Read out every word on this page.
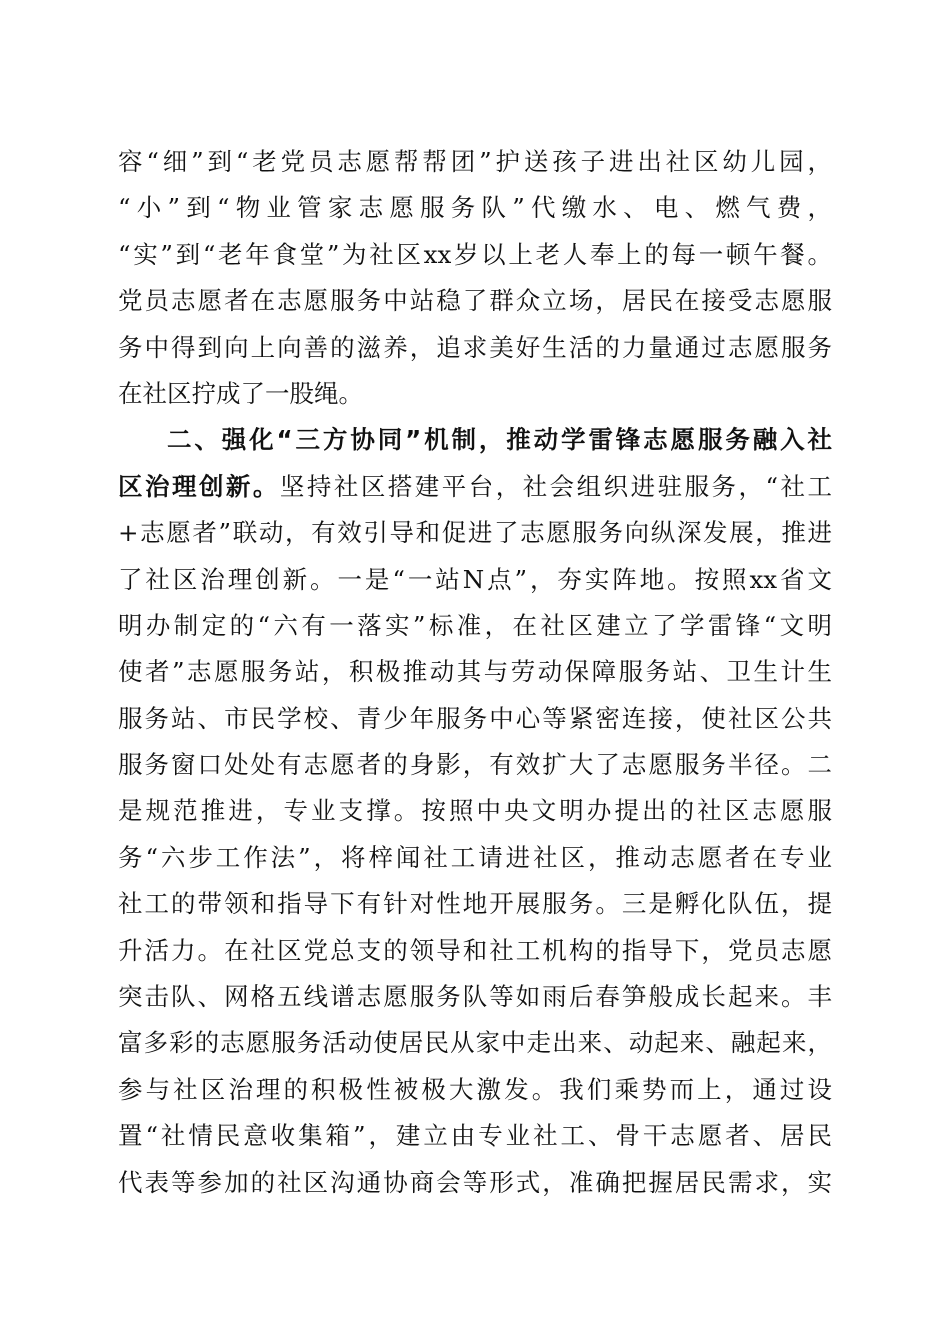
容“细”到“老党员志愿帮帮团”护送孩子进出社区幼儿园，
“小”到“物业管家志愿服务队”代缴水、电、燃气费，
“实”到“老年食堂”为社区xx岁以上老人奉上的每一顿午餐。
党员志愿者在志愿服务中站稳了群众立场，居民在接受志愿服
务中得到向上向善的滋养，追求美好生活的力量通过志愿服务
在社区拧成了一股绳。
二、强化“三方协同”机制，推动学雷锋志愿服务融入社
区治理创新。坚持社区搭建平台，社会组织进驻服务，“社工
+志愿者”联动，有效引导和促进了志愿服务向纵深发展，推进
了社区治理创新。一是“一站N点”，夯实阵地。按照xx省文
明办制定的“六有一落实”标准，在社区建立了学雷锋“文明
使者”志愿服务站，积极推动其与劳动保障服务站、卫生计生
服务站、市民学校、青少年服务中心等紧密连接，使社区公共
服务窗口处处有志愿者的身影，有效扩大了志愿服务半径。二
是规范推进，专业支撑。按照中央文明办提出的社区志愿服
务“六步工作法”，将梓闻社工请进社区，推动志愿者在专业
社工的带领和指导下有针对性地开展服务。三是孵化队伍，提
升活力。在社区党总支的领导和社工机构的指导下，党员志愿
突击队、网格五线谱志愿服务队等如雨后春笋般成长起来。丰
富多彩的志愿服务活动使居民从家中走出来、动起来、融起来，
参与社区治理的积极性被极大激发。我们乘势而上，通过设
置“社情民意收集箱”，建立由专业社工、骨干志愿者、居民
代表等参加的社区沟通协商会等形式，准确把握居民需求，实
